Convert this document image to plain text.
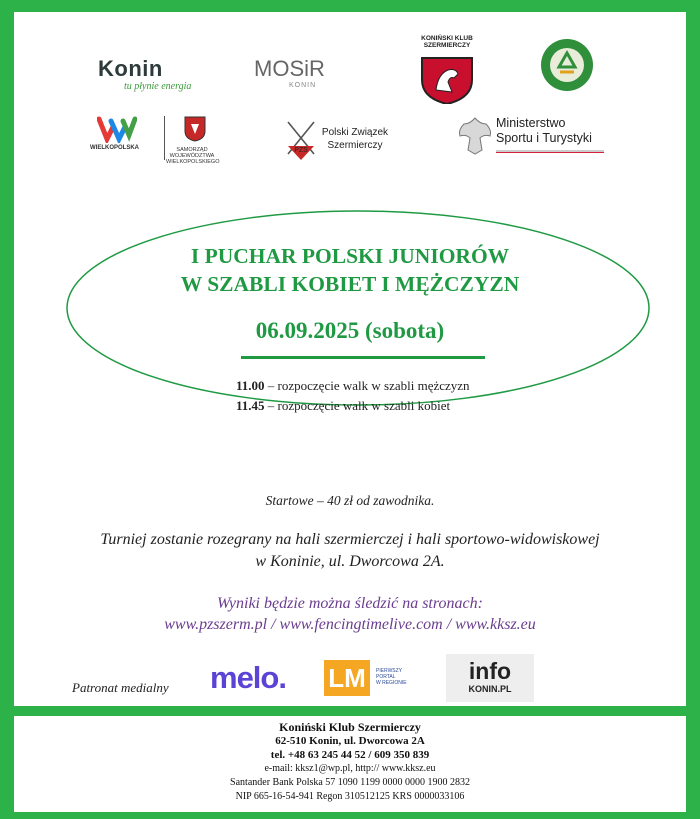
Konin
tu płynie energia
MOSiR
KONIN
KONIŃSKI KLUB SZERMIERCZY
WIELKOPOLSKA	SAMORZĄD WOJEWÓDZTWA WIELKOPOLSKIEGO
PZS
Polski Związek
Szermierczy
Ministerstwo
Sportu i Turystyki
I PUCHAR POLSKI JUNIORÓW
W SZABLI KOBIET I MĘŻCZYZN
06.09.2025 (sobota)
11.00 – rozpoczęcie walk w szabli mężczyzn
11.45 – rozpoczęcie walk w szabli kobiet
Startowe – 40 zł od zawodnika.
Turniej zostanie rozegrany na hali szermierczej i hali sportowo-widowiskowej
w Koninie, ul. Dworcowa 2A.
Wyniki będzie można śledzić na stronach:
www.pzszerm.pl / www.fencingtimelive.com / www.kksz.eu
Patronat medialny melo. LM	PIERWSZY
PORTAL
W REGIONIE	info
KONIN.PL
Koniński Klub Szermierczy
62-510 Konin, ul. Dworcowa 2A
tel. +48 63 245 44 52 / 609 350 839
e-mail: kksz1@wp.pl, http:// www.kksz.eu
Santander Bank Polska 57 1090 1199 0000 0000 1900 2832
NIP 665-16-54-941 Regon 310512125 KRS 0000033106
